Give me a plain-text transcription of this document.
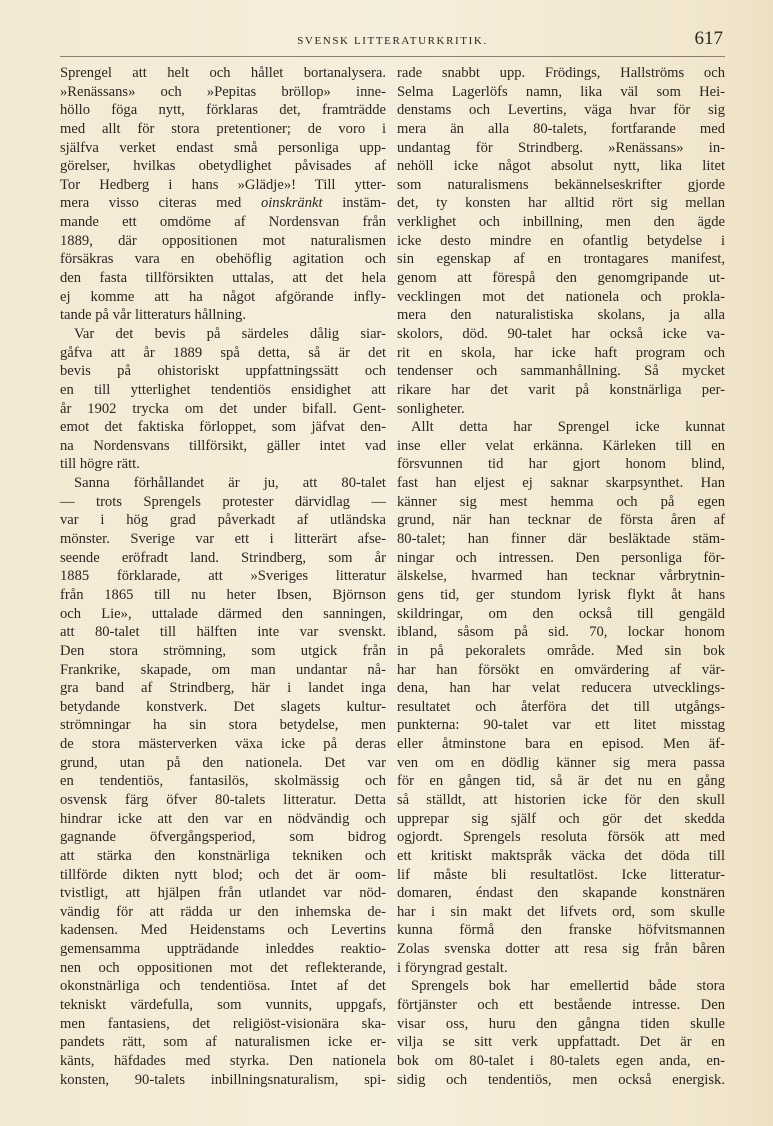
SVENSK LITTERATURKRITIK.	617
Sprengel att helt och hållet bortanalysera.
»Renässans» och »Pepitas bröllop» inne-
höllo föga nytt, förklaras det, framträdde
med allt för stora pretentioner; de voro i
själfva verket endast små personliga upp-
görelser, hvilkas obetydlighet påvisades af
Tor Hedberg i hans »Glädje»! Till ytter-
mera visso citeras med oinskränkt instäm-
mande ett omdöme af Nordensvan från
1889, där oppositionen mot naturalismen
försäkras vara en obehöflig agitation och
den fasta tillförsikten uttalas, att det hela
ej komme att ha något afgörande infly-
tande på vår litteraturs hållning.
Var det bevis på särdeles dålig siar-
gåfva att år 1889 spå detta, så är det
bevis på ohistoriskt uppfattningssätt och
en till ytterlighet tendentiös ensidighet att
år 1902 trycka om det under bifall. Gent-
emot det faktiska förloppet, som jäfvat den-
na Nordensvans tillförsikt, gäller intet vad
till högre rätt.
Sanna förhållandet är ju, att 80-talet
— trots Sprengels protester därvidlag —
var i hög grad påverkadt af utländska
mönster. Sverige var ett i litterärt afse-
seende eröfradt land. Strindberg, som år
1885 förklarade, att »Sveriges litteratur
från 1865 till nu heter Ibsen, Björnson
och Lie», uttalade därmed den sanningen,
att 80-talet till hälften inte var svenskt.
Den stora strömning, som utgick från
Frankrike, skapade, om man undantar nå-
gra band af Strindberg, här i landet inga
betydande konstverk. Det slagets kultur-
strömningar ha sin stora betydelse, men
de stora mästerverken växa icke på deras
grund, utan på den nationela. Det var
en tendentiös, fantasilös, skolmässig och
osvensk färg öfver 80-talets litteratur. Detta
hindrar icke att den var en nödvändig och
gagnande öfvergångsperiod, som bidrog
att stärka den konstnärliga tekniken och
tillförde dikten nytt blod; och det är oom-
tvistligt, att hjälpen från utlandet var nöd-
vändig för att rädda ur den inhemska de-
kadensen. Med Heidenstams och Levertins
gemensamma uppträdande inleddes reaktio-
nen och oppositionen mot det reflekterande,
okonstnärliga och tendentiösa. Intet af det
tekniskt värdefulla, som vunnits, uppgafs,
men fantasiens, det religiöst-visionära ska-
pandets rätt, som af naturalismen icke er-
känts, häfdades med styrka. Den nationela
konsten, 90-talets inbillningsnaturalism, spi-
rade snabbt upp. Frödings, Hallströms och
Selma Lagerlöfs namn, lika väl som Hei-
denstams och Levertins, väga hvar för sig
mera än alla 80-talets, fortfarande med
undantag för Strindberg. »Renässans» in-
nehöll icke något absolut nytt, lika litet
som naturalismens bekännelseskrifter gjorde
det, ty konsten har alltid rört sig mellan
verklighet och inbillning, men den ägde
icke desto mindre en ofantlig betydelse i
sin egenskap af en trontagares manifest,
genom att förespå den genomgripande ut-
vecklingen mot det nationela och prokla-
mera den naturalistiska skolans, ja alla
skolors, död. 90-talet har också icke va-
rit en skola, har icke haft program och
tendenser och sammanhållning. Så mycket
rikare har det varit på konstnärliga per-
sonligheter.
Allt detta har Sprengel icke kunnat
inse eller velat erkänna. Kärleken till en
försvunnen tid har gjort honom blind,
fast han eljest ej saknar skarpsynthet. Han
känner sig mest hemma och på egen
grund, när han tecknar de första åren af
80-talet; han finner där besläktade stäm-
ningar och intressen. Den personliga för-
älskelse, hvarmed han tecknar vårbrytnin-
gens tid, ger stundom lyrisk flykt åt hans
skildringar, om den också till gengäld
ibland, såsom på sid. 70, lockar honom
in på pekoralets område. Med sin bok
har han försökt en omvärdering af vär-
dena, han har velat reducera utvecklings-
resultatet och återföra det till utgångs-
punkterna: 90-talet var ett litet misstag
eller åtminstone bara en episod. Men äf-
ven om en dödlig känner sig mera passa
för en gången tid, så är det nu en gång
så ställdt, att historien icke för den skull
upprepar sig själf och gör det skedda
ogjordt. Sprengels resoluta försök att med
ett kritiskt maktspråk väcka det döda till
lif måste bli resultatlöst. Icke litteratur-
domaren, éndast den skapande konstnären
har i sin makt det lifvets ord, som skulle
kunna förmå den franske höfvitsmannen
Zolas svenska dotter att resa sig från båren
i föryngrad gestalt.
Sprengels bok har emellertid både stora
förtjänster och ett bestående intresse. Den
visar oss, huru den gångna tiden skulle
vilja se sitt verk uppfattadt. Det är en
bok om 80-talet i 80-talets egen anda, en-
sidig och tendentiös, men också energisk.
